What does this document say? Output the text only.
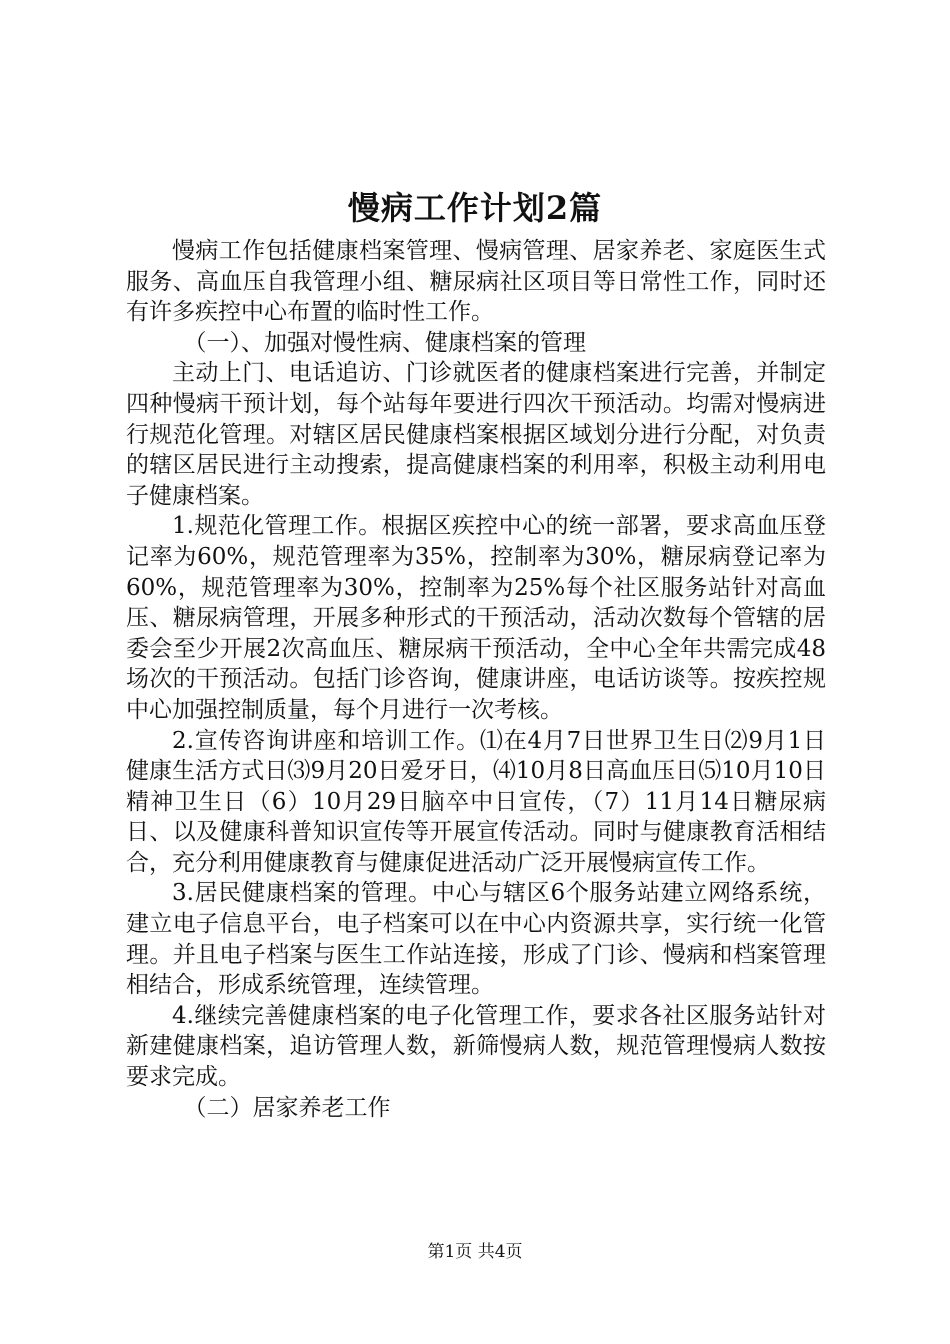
慢病工作计划2篇

慢病工作包括健康档案管理、慢病管理、居家养老、家庭医生式服务、高血压自我管理小组、糖尿病社区项目等日常性工作，同时还有许多疾控中心布置的临时性工作。

（一）、加强对慢性病、健康档案的管理

主动上门、电话追访、门诊就医者的健康档案进行完善，并制定四种慢病干预计划，每个站每年要进行四次干预活动。均需对慢病进行规范化管理。对辖区居民健康档案根据区域划分进行分配，对负责的辖区居民进行主动搜索，提高健康档案的利用率，积极主动利用电子健康档案。

1.规范化管理工作。根据区疾控中心的统一部署，要求高血压登记率为60%，规范管理率为35%，控制率为30%，糖尿病登记率为60%，规范管理率为30%，控制率为25%每个社区服务站针对高血压、糖尿病管理，开展多种形式的干预活动，活动次数每个管辖的居委会至少开展2次高血压、糖尿病干预活动，全中心全年共需完成48场次的干预活动。包括门诊咨询，健康讲座，电话访谈等。按疾控规中心加强控制质量，每个月进行一次考核。

2.宣传咨询讲座和培训工作。⑴在4月7日世界卫生日⑵9月1日健康生活方式日⑶9月20日爱牙日，⑷10月8日高血压日⑸10月10日精神卫生日（6）10月29日脑卒中日宣传，（7）11月14日糖尿病日、以及健康科普知识宣传等开展宣传活动。同时与健康教育活相结合，充分利用健康教育与健康促进活动广泛开展慢病宣传工作。

3.居民健康档案的管理。中心与辖区6个服务站建立网络系统，建立电子信息平台，电子档案可以在中心内资源共享，实行统一化管理。并且电子档案与医生工作站连接，形成了门诊、慢病和档案管理相结合，形成系统管理，连续管理。

4.继续完善健康档案的电子化管理工作，要求各社区服务站针对新建健康档案，追访管理人数，新筛慢病人数，规范管理慢病人数按要求完成。

（二）居家养老工作

第1页 共4页
